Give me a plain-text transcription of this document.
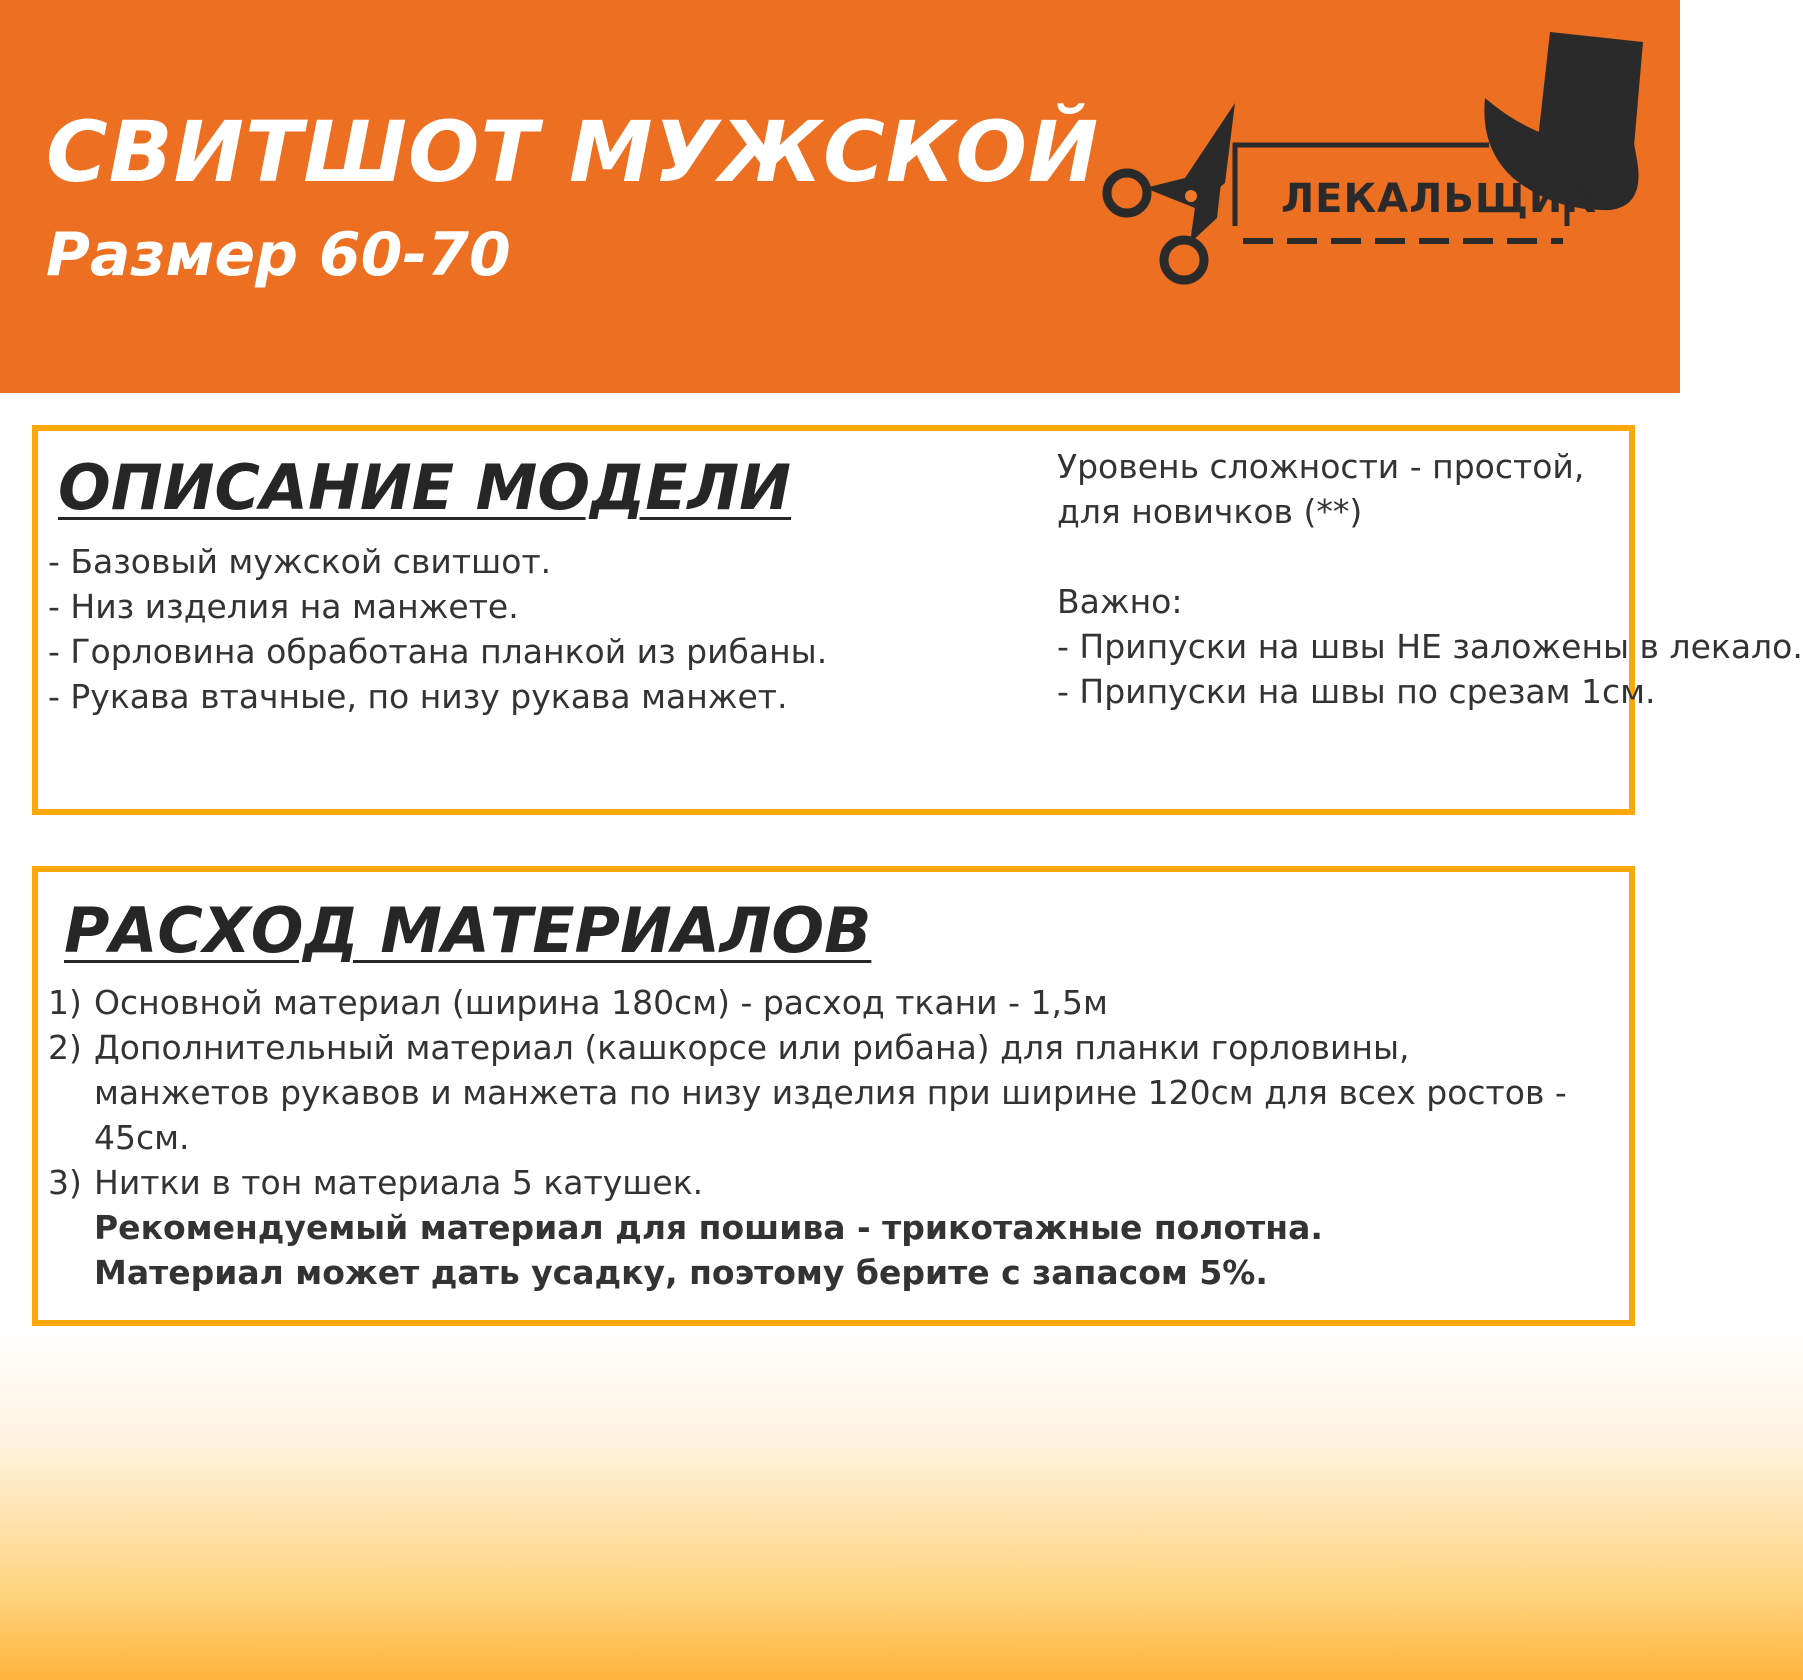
СВИТШОТ МУЖСКОЙ
Размер 60-70
ЛЕКАЛЬЩИК
ОПИСАНИЕ МОДЕЛИ
- Базовый мужской свитшот.
- Низ изделия на манжете.
- Горловина обработана планкой из рибаны.
- Рукава втачные, по низу рукава манжет.

Уровень сложности - простой,

для новичков (**)

Важно:

- Припуски на швы НЕ заложены в лекало.

- Припуски на швы по срезам 1см.

РАСХОД МАТЕРИАЛОВ
1) Основной материал (ширина 180см) - расход ткани - 1,5м
2) Дополнительный материал (кашкорсе или рибана) для планки горловины,
манжетов рукавов и манжета по низу изделия при ширине 120см для всех ростов -
45см.
3) Нитки в тон материала 5 катушек.
Рекомендуемый материал для пошива - трикотажные полотна.
Материал может дать усадку, поэтому берите с запасом 5%.
